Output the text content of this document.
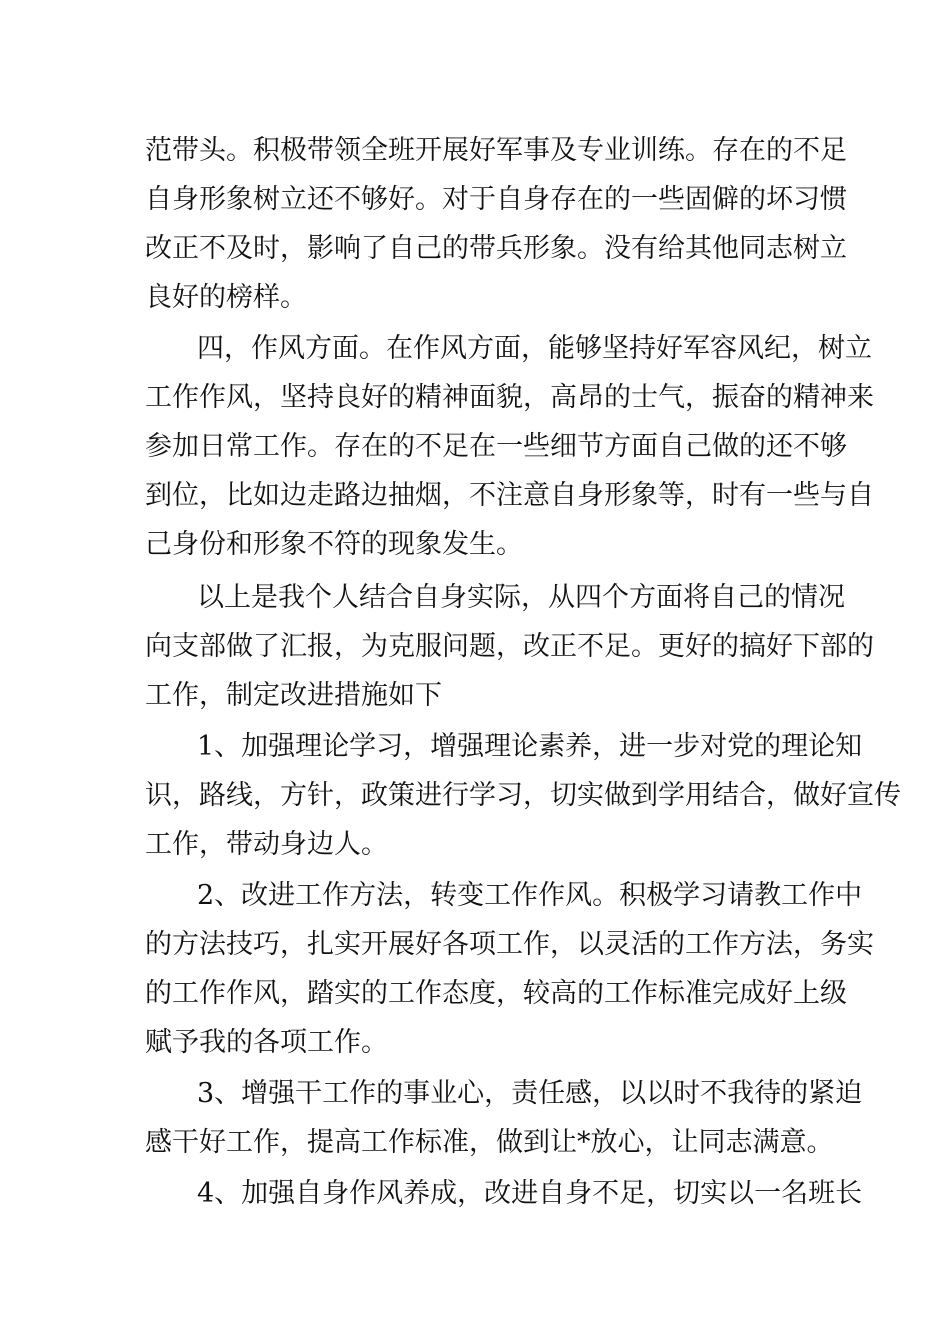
范带头。积极带领全班开展好军事及专业训练。存在的不足
自身形象树立还不够好。对于自身存在的一些固僻的坏习惯
改正不及时，影响了自己的带兵形象。没有给其他同志树立
良好的榜样。
四，作风方面。在作风方面，能够坚持好军容风纪，树立
工作作风，坚持良好的精神面貌，高昂的士气，振奋的精神来
参加日常工作。存在的不足在一些细节方面自己做的还不够
到位，比如边走路边抽烟，不注意自身形象等，时有一些与自
己身份和形象不符的现象发生。
以上是我个人结合自身实际，从四个方面将自己的情况
向支部做了汇报，为克服问题，改正不足。更好的搞好下部的
工作，制定改进措施如下
1、加强理论学习，增强理论素养，进一步对党的理论知
识，路线，方针，政策进行学习，切实做到学用结合，做好宣传
工作，带动身边人。
2、改进工作方法，转变工作作风。积极学习请教工作中
的方法技巧，扎实开展好各项工作，以灵活的工作方法，务实
的工作作风，踏实的工作态度，较高的工作标准完成好上级
赋予我的各项工作。
3、增强干工作的事业心，责任感，以以时不我待的紧迫
感干好工作，提高工作标准，做到让*放心，让同志满意。
4、加强自身作风养成，改进自身不足，切实以一名班长
